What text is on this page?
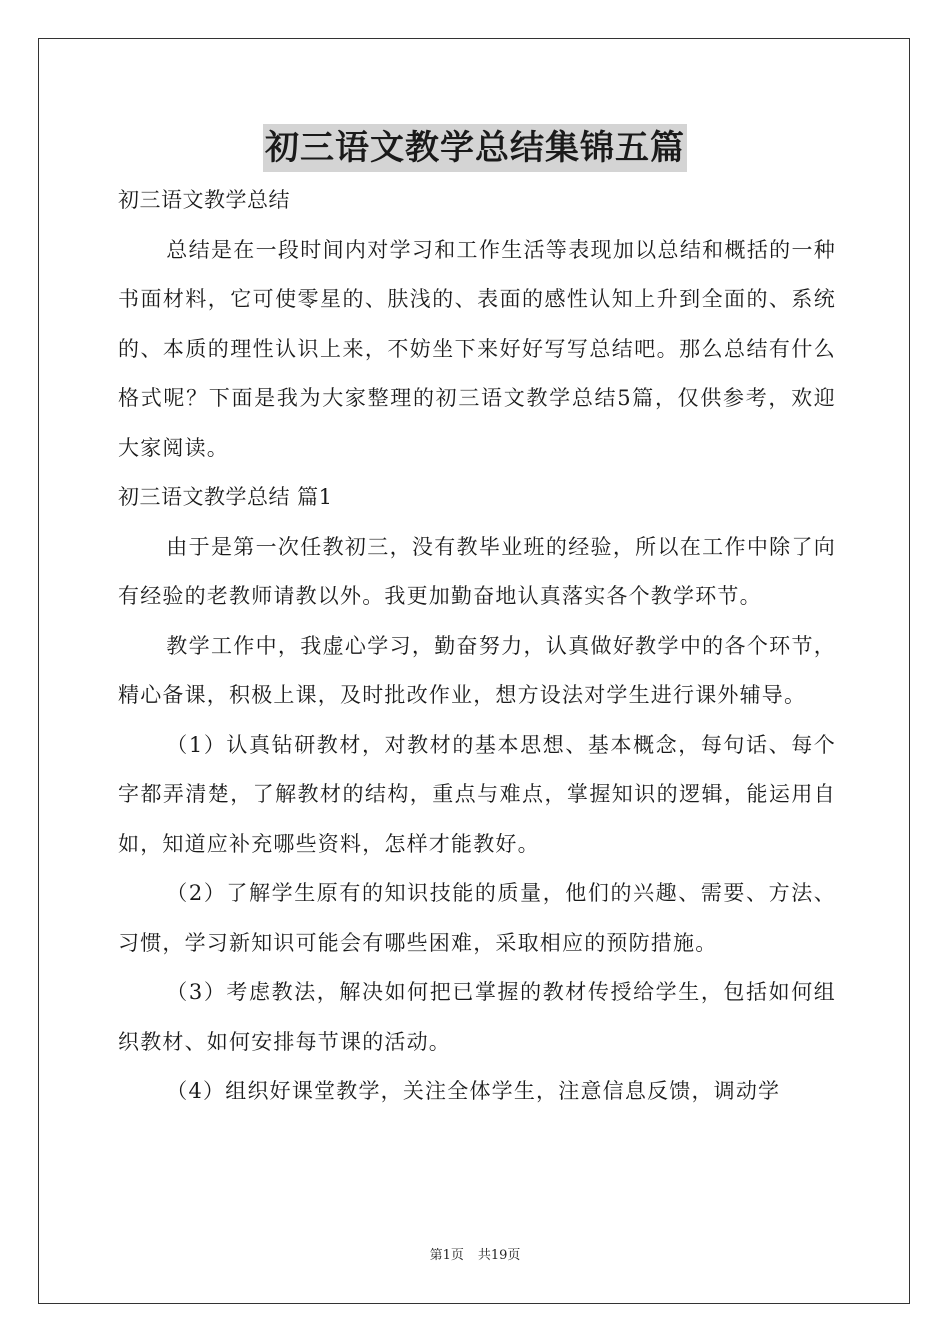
初三语文教学总结集锦五篇

初三语文教学总结

总结是在一段时间内对学习和工作生活等表现加以总结和概括的一种书面材料，它可使零星的、肤浅的、表面的感性认知上升到全面的、系统的、本质的理性认识上来，不妨坐下来好好写写总结吧。那么总结有什么格式呢？下面是我为大家整理的初三语文教学总结5篇，仅供参考，欢迎大家阅读。

初三语文教学总结 篇1

由于是第一次任教初三，没有教毕业班的经验，所以在工作中除了向有经验的老教师请教以外。我更加勤奋地认真落实各个教学环节。

教学工作中，我虚心学习，勤奋努力，认真做好教学中的各个环节，精心备课，积极上课，及时批改作业，想方设法对学生进行课外辅导。

（1）认真钻研教材，对教材的基本思想、基本概念，每句话、每个字都弄清楚，了解教材的结构，重点与难点，掌握知识的逻辑，能运用自如，知道应补充哪些资料，怎样才能教好。

（2）了解学生原有的知识技能的质量，他们的兴趣、需要、方法、习惯，学习新知识可能会有哪些困难，采取相应的预防措施。

（3）考虑教法，解决如何把已掌握的教材传授给学生，包括如何组织教材、如何安排每节课的活动。

（4）组织好课堂教学，关注全体学生，注意信息反馈，调动学

第1页 共19页
